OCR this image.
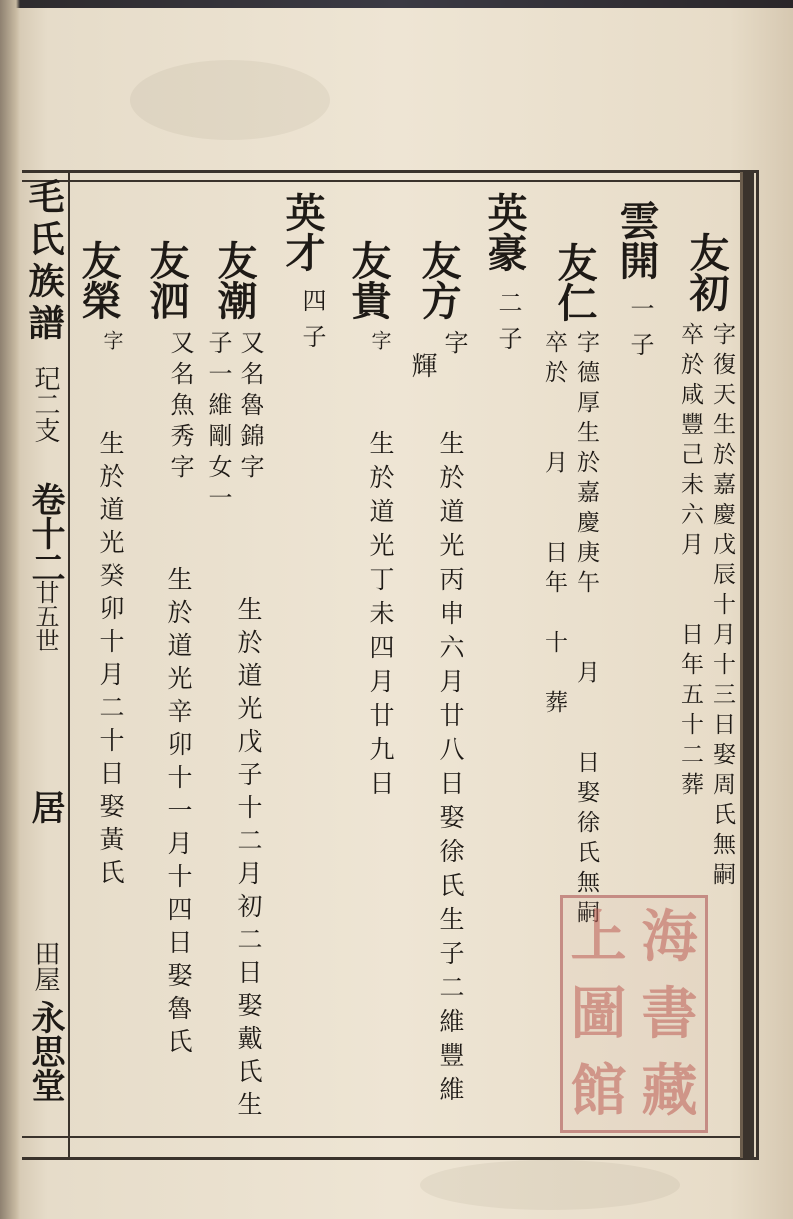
毛氏族譜
玘二支
卷十二
廿五世
居
田屋
永思堂
友初
字復天生於嘉慶戊辰十月十三日娶周氏無嗣
卒於咸豐己未六月　　日年五十二葬
雲開
一子
友仁
字德厚生於嘉慶庚午　　月　　日娶徐氏無嗣
卒於　　月　　日年　十　葬
英豪
二子
友方
字
輝
生於道光丙申六月廿八日娶徐氏生子二維豐維
友貴
字
生於道光丁未四月廿九日
英才
四子
友潮
又名魯錦字
子一維剛女一
生於道光戊子十二月初二日娶戴氏生
友泗
又名魚秀字
生於道光辛卯十一月十四日娶魯氏
友榮
字
生於道光癸卯十月二十日娶黃氏
上 海
圖 書
館 藏
